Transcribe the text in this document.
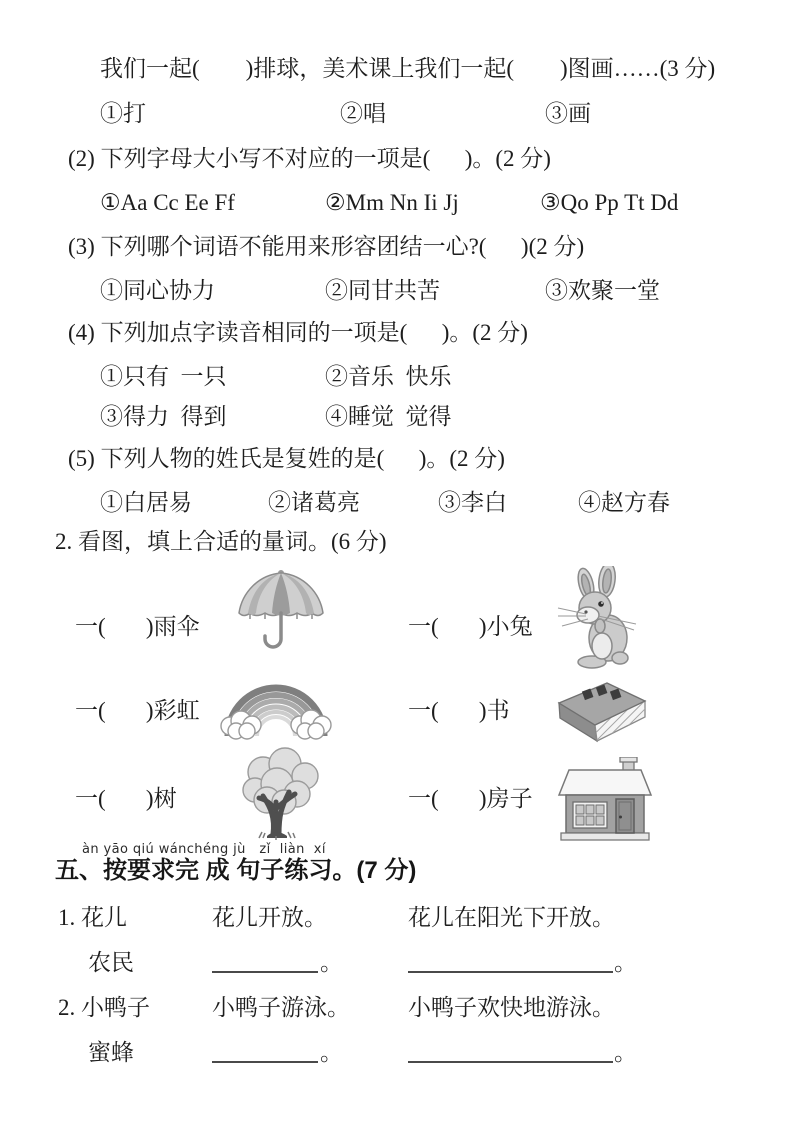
我们一起(        )排球，美术课上我们一起(        )图画……(3 分)
①打	②唱	③画
(2) 下列字母大小写不对应的一项是(      )。(2 分)
①Aa Cc Ee Ff	②Mm Nn Ii Jj	③Qo Pp Tt Dd
(3) 下列哪个词语不能用来形容团结一心?(      )(2 分)
①同心协力	②同甘共苦	③欢聚一堂
(4) 下列加点字读音相同的一项是(      )。(2 分)
①只有  一只	②音乐  快乐
③得力  得到	④睡觉  觉得
(5) 下列人物的姓氏是复姓的是(      )。(2 分)
①白居易	②诸葛亮	③李白	④赵方春
2. 看图，填上合适的量词。(6 分)
一(       )雨伞	一(       )小兔
一(       )彩虹	一(       )书
一(       )树	一(       )房子
àn yāo qiú wánchéng jù   zǐ  liàn  xí
五、按要求完 成 句子练习。(7 分)
1. 花儿	花儿开放。	花儿在阳光下开放。
农民	。	。
2. 小鸭子	小鸭子游泳。	小鸭子欢快地游泳。
蜜蜂	。	。
